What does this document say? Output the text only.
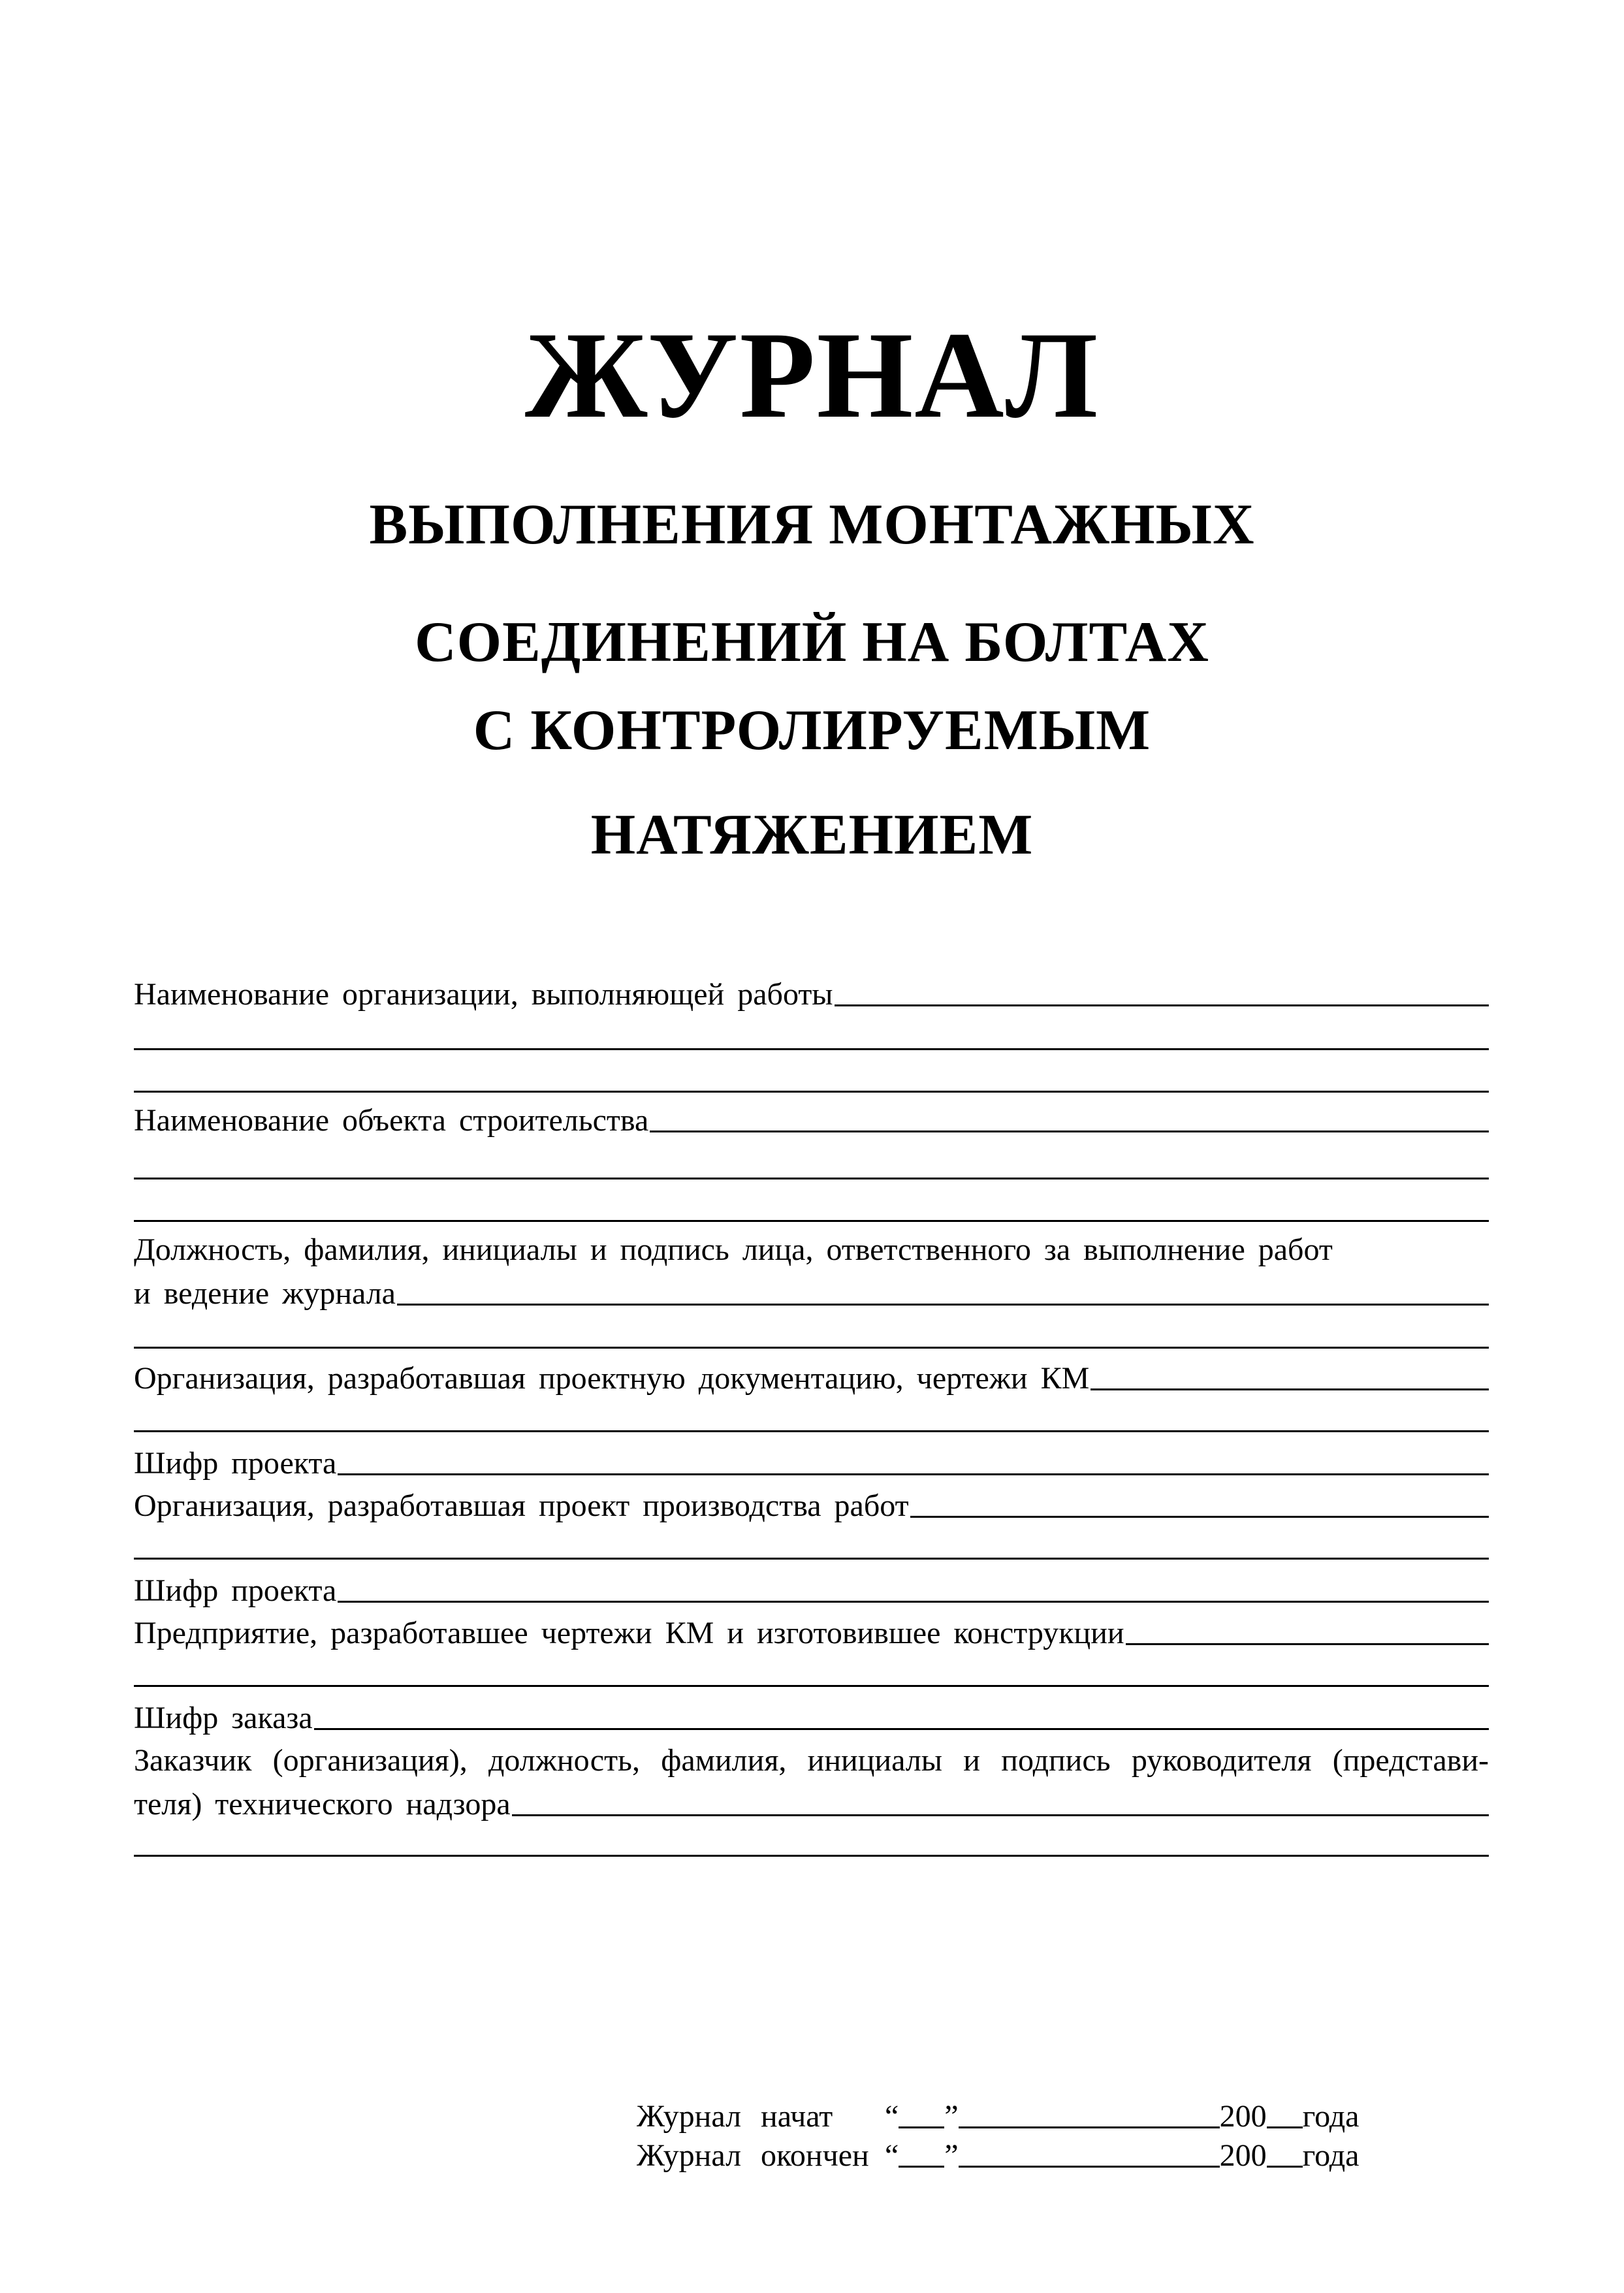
ЖУРНАЛ
ВЫПОЛНЕНИЯ МОНТАЖНЫХ
СОЕДИНЕНИЙ НА БОЛТАХ
С КОНТРОЛИРУЕМЫМ
НАТЯЖЕНИЕМ
Наименование организации, выполняющей работы
Наименование объекта строительства
Должность, фамилия, инициалы и подпись лица, ответственного за выполнение работ
и ведение журнала
Организация, разработавшая проектную документацию, чертежи КМ
Шифр проекта
Организация, разработавшая проект производства работ
Шифр проекта
Предприятие, разработавшее чертежи КМ и изготовившее конструкции
Шифр заказа
Заказчик (организация), должность, фамилия, инициалы и подпись руководителя (представи-
теля) технического надзора
Журнал начат	“ ”	200 года
Журнал окончен “ ”	200 года
